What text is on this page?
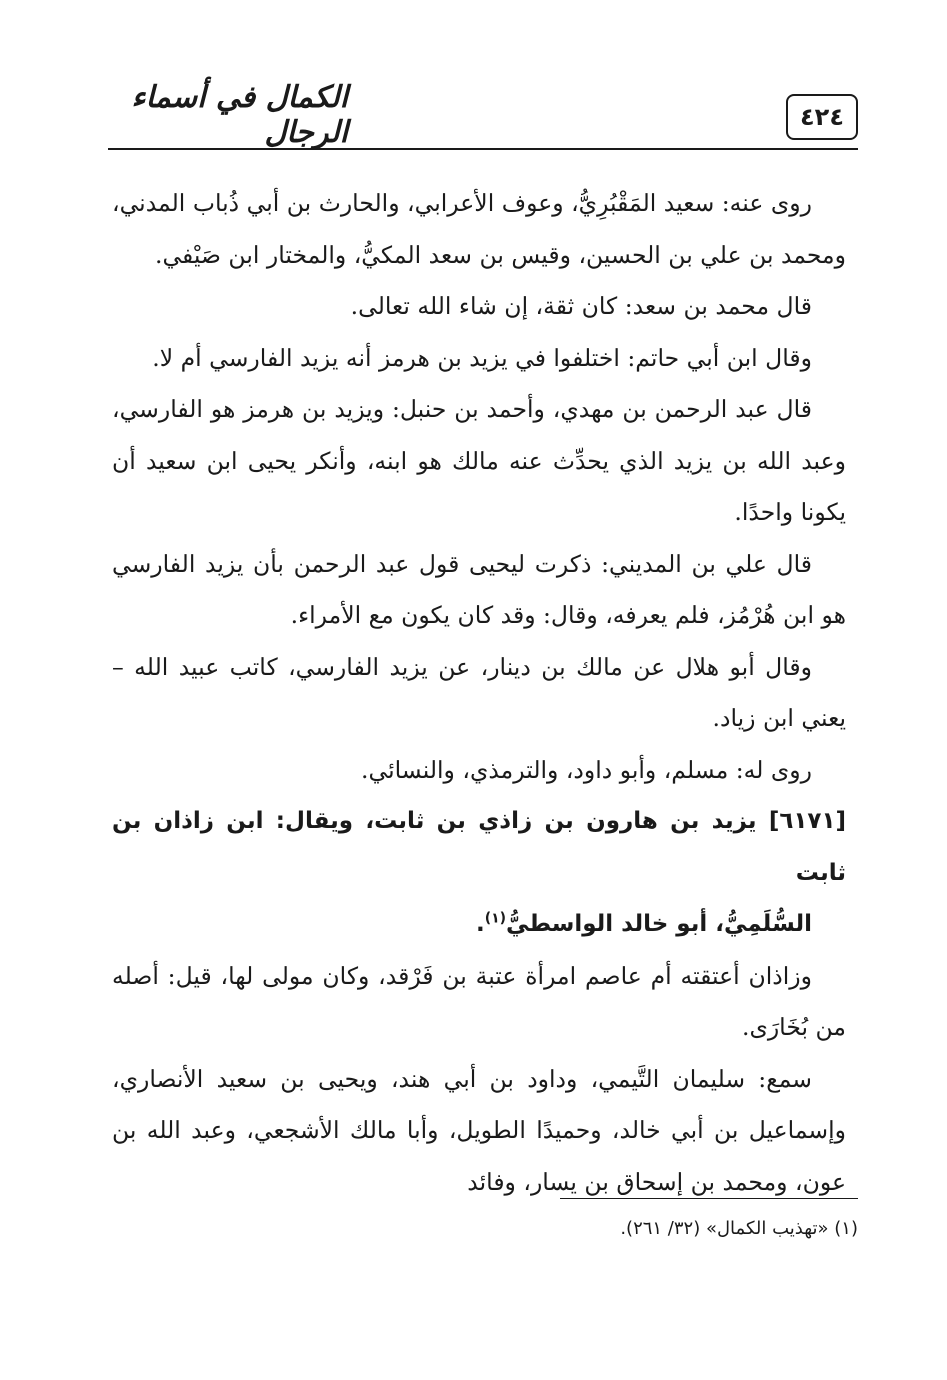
٤٢٤
الكمال في أسماء الرجال

روى عنه: سعيد المَقْبُرِيُّ، وعوف الأعرابي، والحارث بن أبي ذُباب المدني، ومحمد بن علي بن الحسين، وقيس بن سعد المكيُّ، والمختار ابن صَيْفي.

قال محمد بن سعد: كان ثقة، إن شاء الله تعالى.

وقال ابن أبي حاتم: اختلفوا في يزيد بن هرمز أنه يزيد الفارسي أم لا.

قال عبد الرحمن بن مهدي، وأحمد بن حنبل: ويزيد بن هرمز هو الفارسي، وعبد الله بن يزيد الذي يحدِّث عنه مالك هو ابنه، وأنكر يحيى ابن سعيد أن يكونا واحدًا.

قال علي بن المديني: ذكرت ليحيى قول عبد الرحمن بأن يزيد الفارسي هو ابن هُرْمُز، فلم يعرفه، وقال: وقد كان يكون مع الأمراء.

وقال أبو هلال عن مالك بن دينار، عن يزيد الفارسي، كاتب عبيد الله – يعني ابن زياد.

روى له: مسلم، وأبو داود، والترمذي، والنسائي.

[٦١٧١] يزيد بن هارون بن زاذي بن ثابت، ويقال: ابن زاذان بن ثابت
السُّلَمِيُّ، أبو خالد الواسطيُّ$^{(١)}$.

وزاذان أعتقته أم عاصم امرأة عتبة بن فَرْقد، وكان مولى لها، قيل: أصله من بُخَارَى.

سمع: سليمان التَّيمي، وداود بن أبي هند، ويحيى بن سعيد الأنصاري، وإسماعيل بن أبي خالد، وحميدًا الطويل، وأبا مالك الأشجعي، وعبد الله بن عون، ومحمد بن إسحاق بن يسار، وفائد

(١) «تهذيب الكمال» (٣٢/ ٢٦١).
